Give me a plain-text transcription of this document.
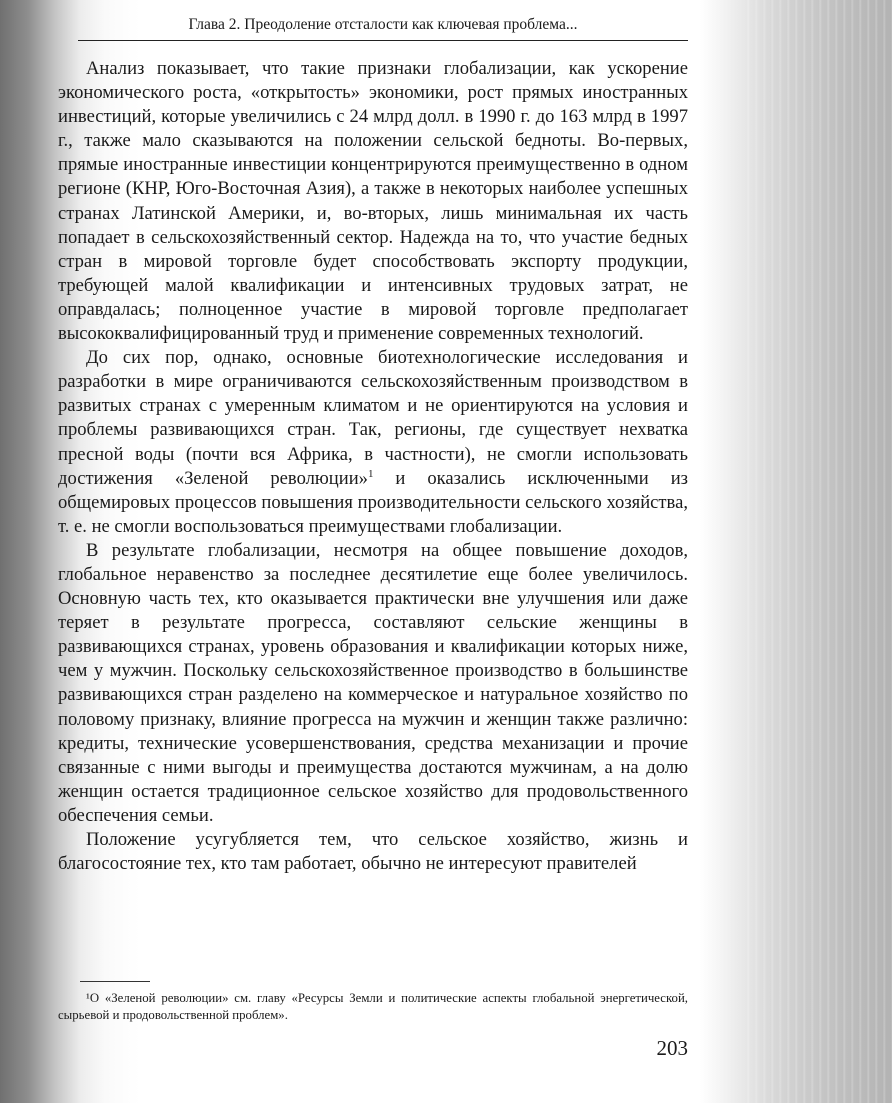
Глава 2. Преодоление отсталости как ключевая проблема...

Анализ показывает, что такие признаки глобализации, как ускорение экономического роста, «открытость» экономики, рост прямых иностранных инвестиций, которые увеличились с 24 млрд долл. в 1990 г. до 163 млрд в 1997 г., также мало сказываются на положении сельской бедноты. Во-первых, прямые иностранные инвестиции концентрируются преимущественно в одном регионе (КНР, Юго-Восточная Азия), а также в некоторых наиболее успешных странах Латинской Америки, и, во-вторых, лишь минимальная их часть попадает в сельскохозяйственный сектор. Надежда на то, что участие бедных стран в мировой торговле будет способствовать экспорту продукции, требующей малой квалификации и интенсивных трудовых затрат, не оправдалась; полноценное участие в мировой торговле предполагает высококвалифицированный труд и применение современных технологий.

До сих пор, однако, основные биотехнологические исследования и разработки в мире ограничиваются сельскохозяйственным производством в развитых странах с умеренным климатом и не ориентируются на условия и проблемы развивающихся стран. Так, регионы, где существует нехватка пресной воды (почти вся Африка, в частности), не смогли использовать достижения «Зеленой революции»$^1$ и оказались исключенными из общемировых процессов повышения производительности сельского хозяйства, т. е. не смогли воспользоваться преимуществами глобализации.

В результате глобализации, несмотря на общее повышение доходов, глобальное неравенство за последнее десятилетие еще более увеличилось. Основную часть тех, кто оказывается практически вне улучшения или даже теряет в результате прогресса, составляют сельские женщины в развивающихся странах, уровень образования и квалификации которых ниже, чем у мужчин. Поскольку сельскохозяйственное производство в большинстве развивающихся стран разделено на коммерческое и натуральное хозяйство по половому признаку, влияние прогресса на мужчин и женщин также различно: кредиты, технические усовершенствования, средства механизации и прочие связанные с ними выгоды и преимущества достаются мужчинам, а на долю женщин остается традиционное сельское хозяйство для продовольственного обеспечения семьи.

Положение усугубляется тем, что сельское хозяйство, жизнь и благосостояние тех, кто там работает, обычно не интересуют правителей

¹О «Зеленой революции» см. главу «Ресурсы Земли и политические аспекты глобальной энергетической, сырьевой и продовольственной проблем».
203
